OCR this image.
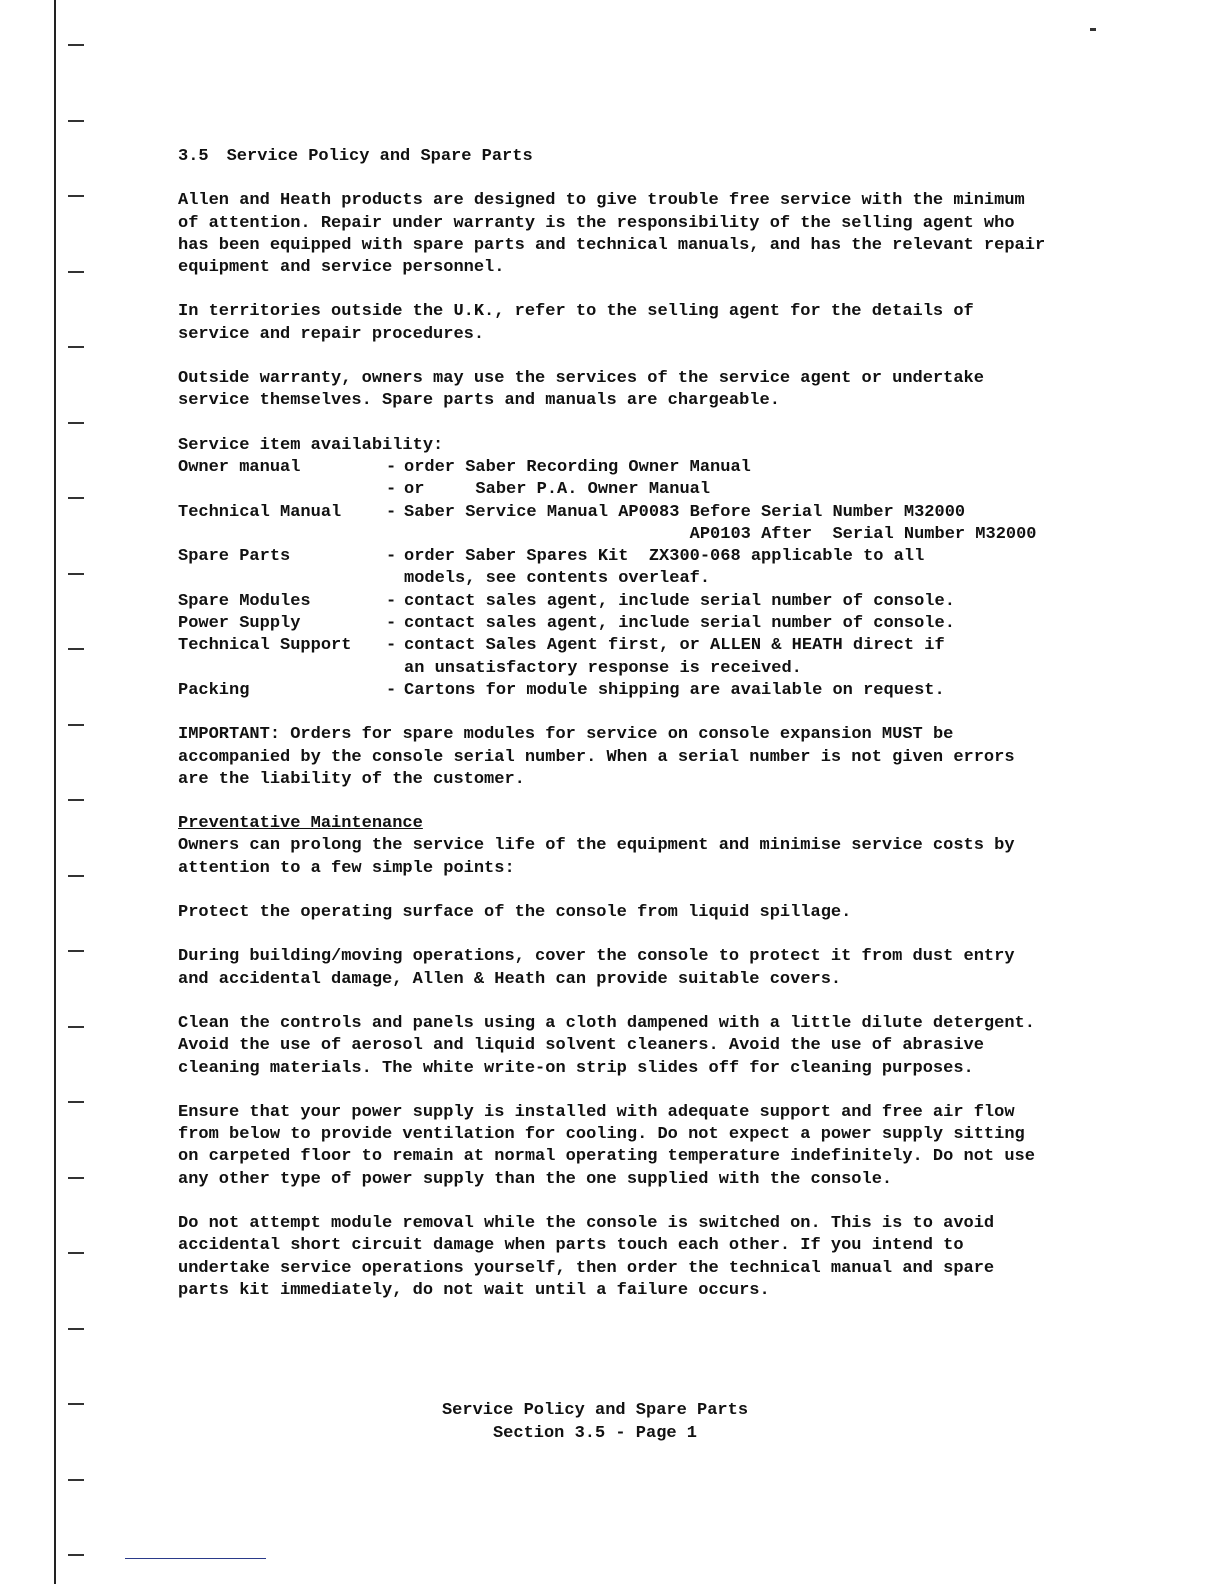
3.5 Service Policy and Spare Parts

Allen and Heath products are designed to give trouble free service with the minimum of attention. Repair under warranty is the responsibility of the selling agent who has been equipped with spare parts and technical manuals, and has the relevant repair equipment and service personnel.

In territories outside the U.K., refer to the selling agent for the details of service and repair procedures.

Outside warranty, owners may use the services of the service agent or undertake service themselves. Spare parts and manuals are chargeable.

Service item availability:
Owner manual	-	order Saber Recording Owner Manual
	-	or     Saber P.A. Owner Manual
Technical Manual	-	Saber Service Manual AP0083 Before Serial Number M32000
AP0103 After  Serial Number M32000
Spare Parts	-	order Saber Spares Kit  ZX300-068 applicable to all
models, see contents overleaf.
Spare Modules	-	contact sales agent, include serial number of console.
Power Supply	-	contact sales agent, include serial number of console.
Technical Support	-	contact Sales Agent first, or ALLEN & HEATH direct if
an unsatisfactory response is received.
Packing	-	Cartons for module shipping are available on request.

IMPORTANT: Orders for spare modules for service on console expansion MUST be accompanied by the console serial number. When a serial number is not given errors are the liability of the customer.

Preventative Maintenance

Owners can prolong the service life of the equipment and minimise service costs by attention to a few simple points:

Protect the operating surface of the console from liquid spillage.

During building/moving operations, cover the console to protect it from dust entry and accidental damage, Allen & Heath can provide suitable covers.

Clean the controls and panels using a cloth dampened with a little dilute detergent. Avoid the use of aerosol and liquid solvent cleaners. Avoid the use of abrasive cleaning materials. The white write-on strip slides off for cleaning purposes.

Ensure that your power supply is installed with adequate support and free air flow from below to provide ventilation for cooling. Do not expect a power supply sitting on carpeted floor to remain at normal operating temperature indefinitely. Do not use any other type of power supply than the one supplied with the console.

Do not attempt module removal while the console is switched on. This is to avoid accidental short circuit damage when parts touch each other. If you intend to undertake service operations yourself, then order the technical manual and spare parts kit immediately, do not wait until a failure occurs.

Service Policy and Spare Parts
Section 3.5 - Page 1
